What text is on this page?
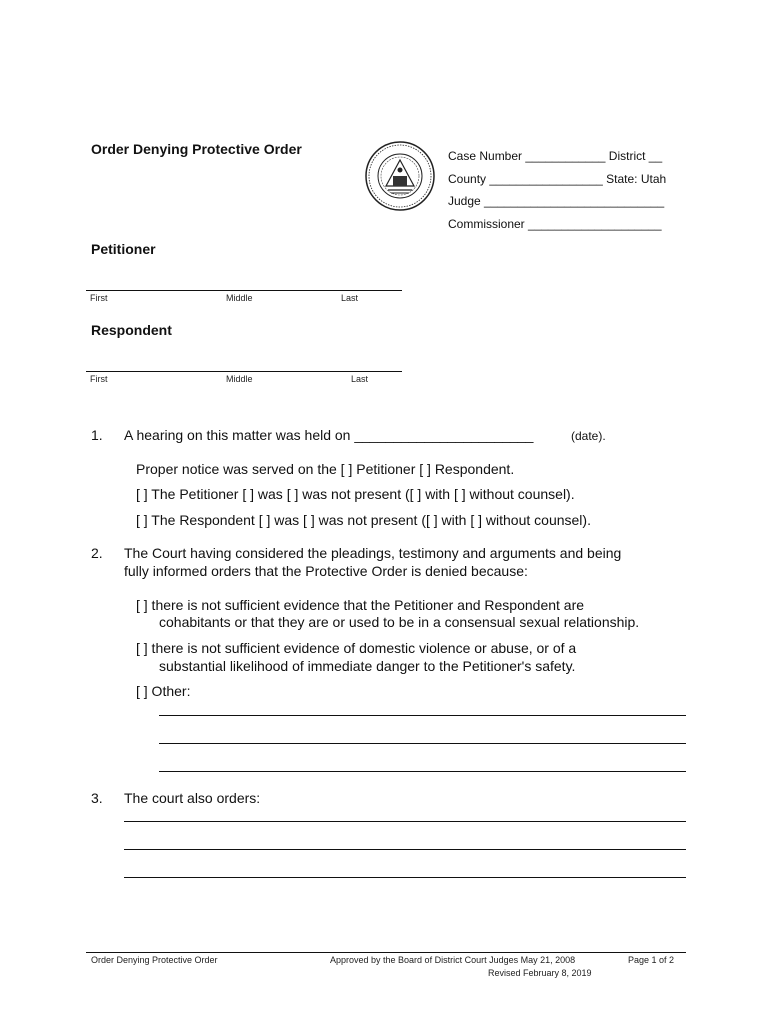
Order Denying Protective Order	Case Number ____________ District __
County _________________ State: Utah
Judge ___________________________
Commissioner ____________________
Petitioner
First	Middle	Last
Respondent
First	Middle	Last
1. A hearing on this matter was held on _______________________	(date).
Proper notice was served on the [ ] Petitioner [ ] Respondent.
[ ] The Petitioner [ ] was [ ] was not present ([ ] with [ ] without counsel).
[ ] The Respondent [ ] was [ ] was not present ([ ] with [ ] without counsel).
2. The Court having considered the pleadings, testimony and arguments and being
fully informed orders that the Protective Order is denied because:
[ ] there is not sufficient evidence that the Petitioner and Respondent are
cohabitants or that they are or used to be in a consensual sexual relationship.
[ ] there is not sufficient evidence of domestic violence or abuse, or of a
substantial likelihood of immediate danger to the Petitioner's safety.
[ ] Other:
3. The court also orders:
Order Denying Protective Order	Approved by the Board of District Court Judges May 21, 2008
Revised February 8, 2019
Page 1 of 2
